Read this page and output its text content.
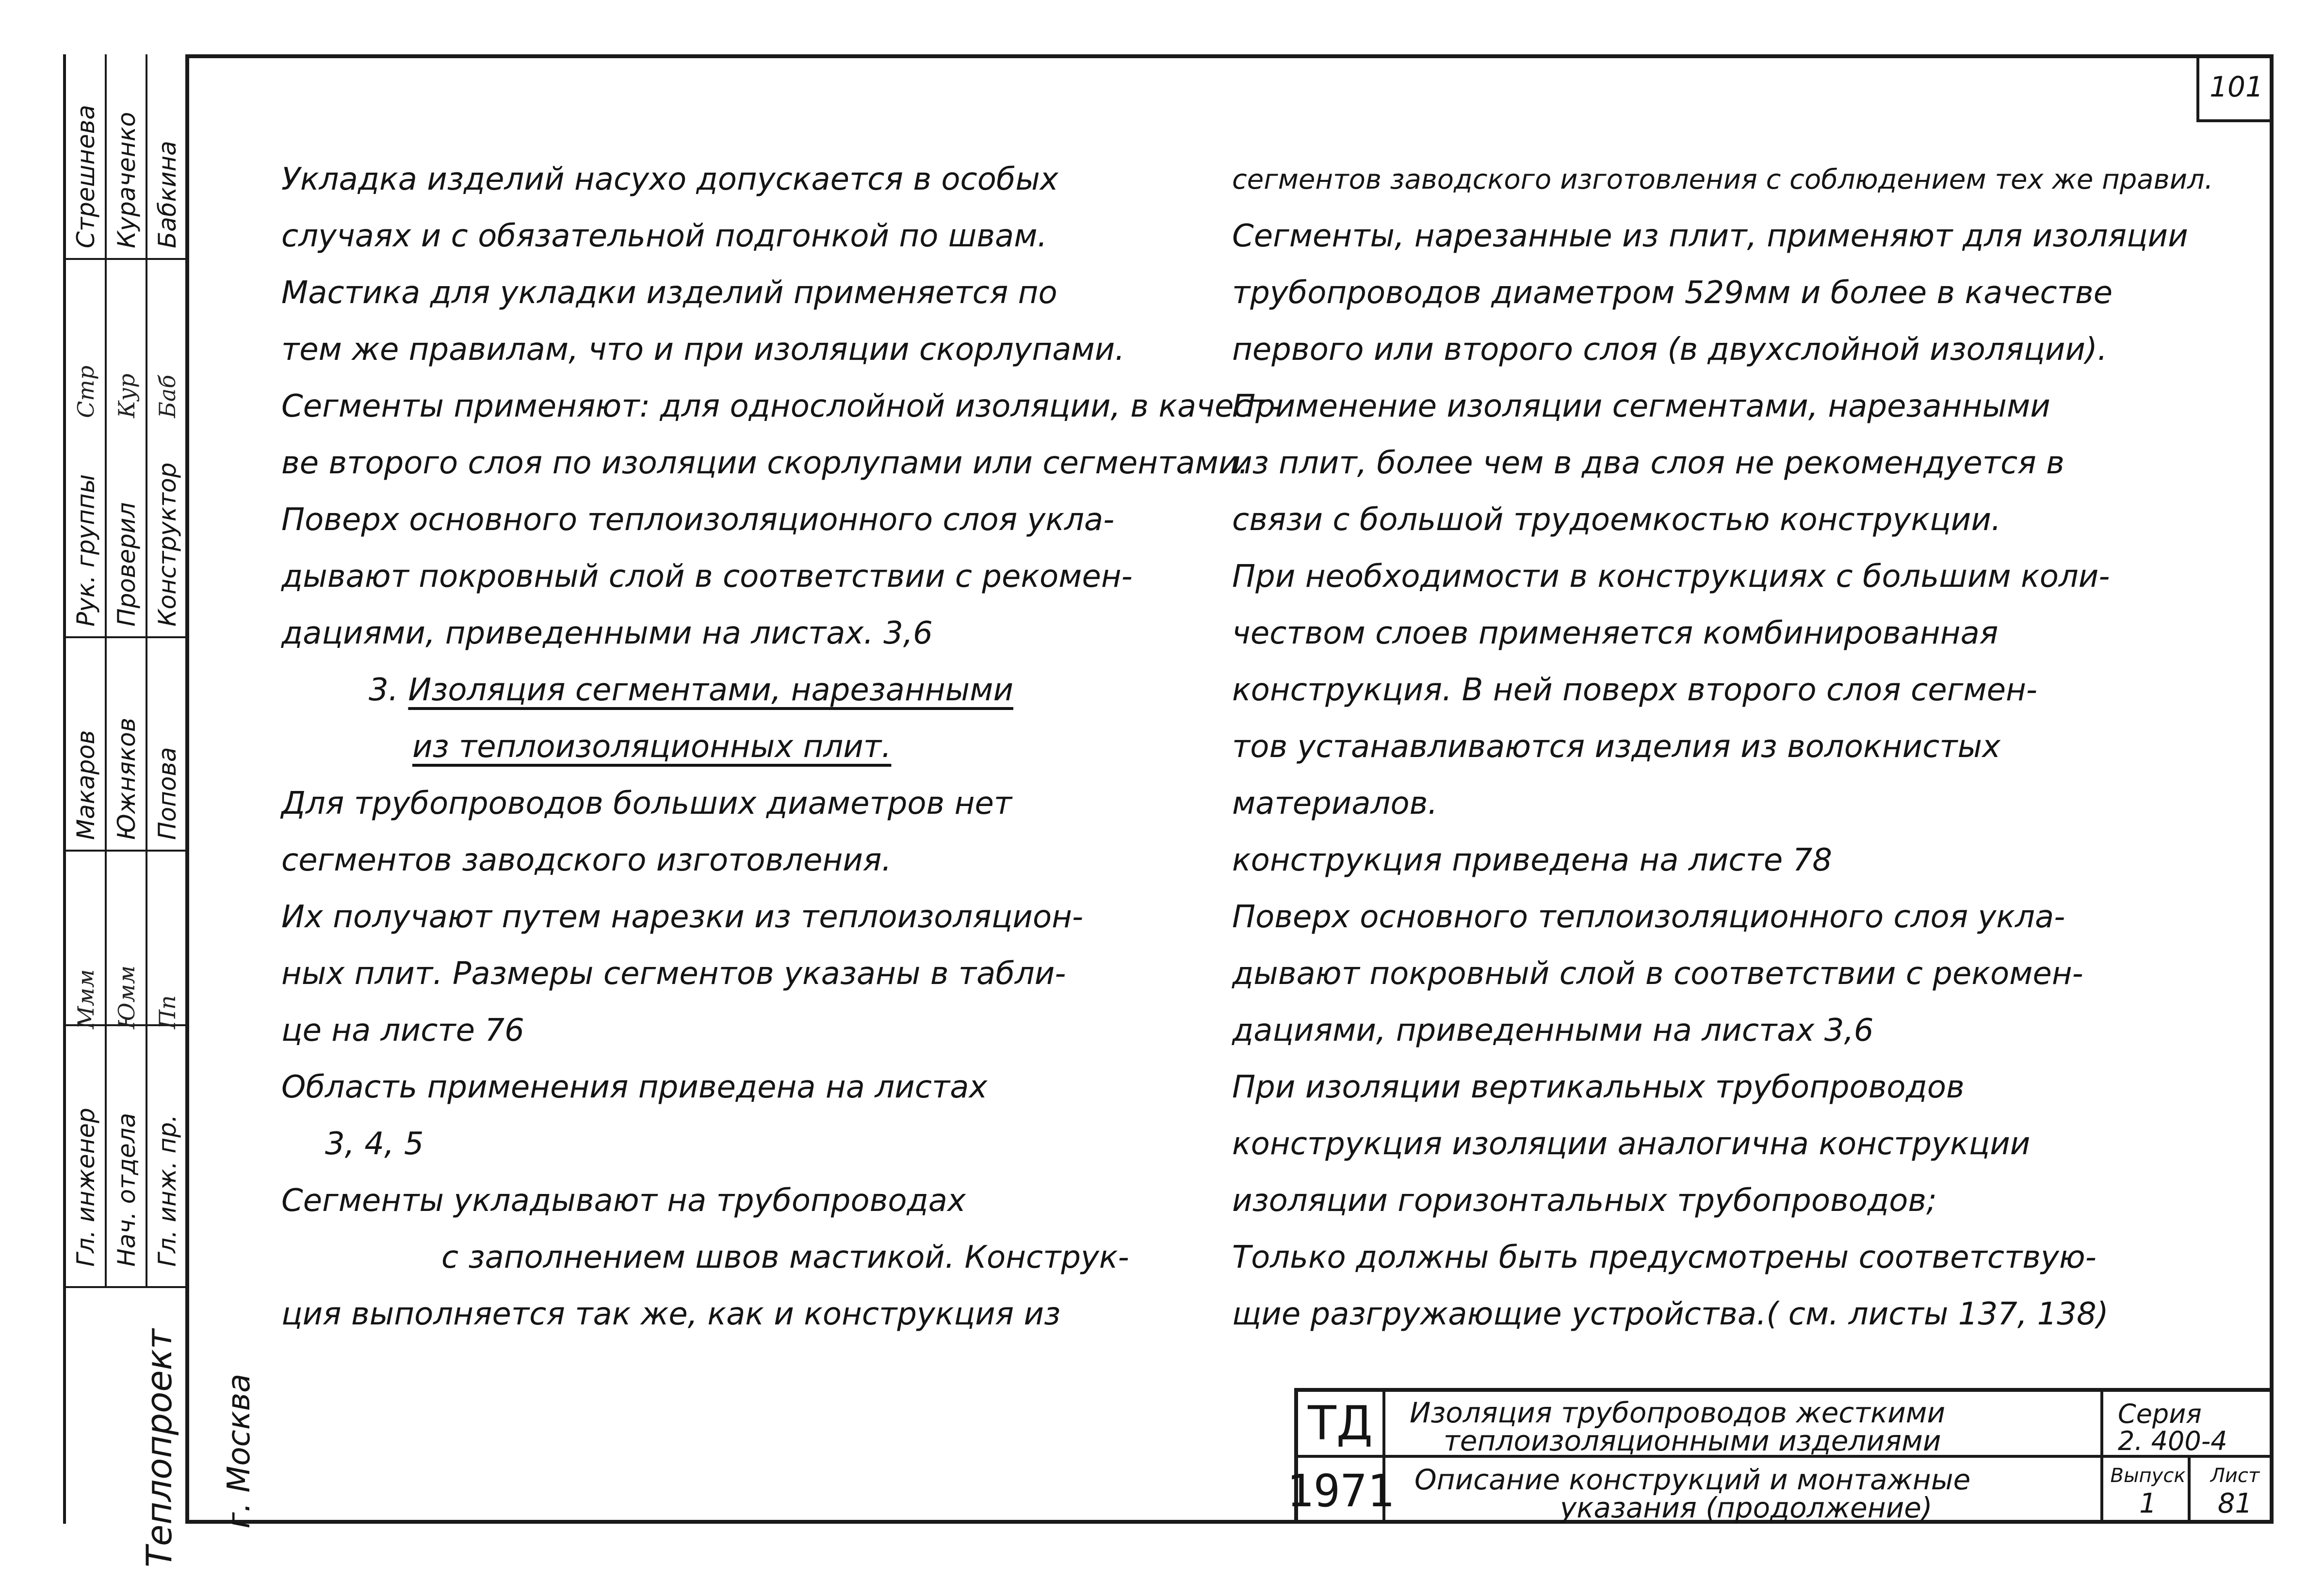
101
Укладка изделий насухо допускается в особых
случаях и с обязательной подгонкой по швам.
Мастика для укладки изделий применяется по
тем же правилам, что и при изоляции скорлупами.
Сегменты применяют: для однослойной изоляции, в качест-
ве второго слоя по изоляции скорлупами или сегментами.
Поверх основного теплоизоляционного слоя укла-
дывают покровный слой в соответствии с рекомен-
дациями, приведенными на листах. 3,6
3. Изоляция сегментами, нарезанными
из теплоизоляционных плит.
Для трубопроводов больших диаметров нет
сегментов заводского изготовления.
Их получают путем нарезки из теплоизоляцион-
ных плит. Размеры сегментов указаны в табли-
це на листе 76
Область применения приведена на листах
3, 4, 5
Сегменты укладывают на трубопроводах
с заполнением швов мастикой. Конструк-
ция выполняется так же, как и конструкция из
сегментов заводского изготовления с соблюдением тех же правил.
Сегменты, нарезанные из плит, применяют для изоляции
трубопроводов диаметром 529мм и более в качестве
первого или второго слоя (в двухслойной изоляции).
Применение изоляции сегментами, нарезанными
из плит, более чем в два слоя не рекомендуется в
связи с большой трудоемкостью конструкции.
При необходимости в конструкциях с большим коли-
чеством слоев применяется комбинированная
конструкция. В ней поверх второго слоя сегмен-
тов устанавливаются изделия из волокнистых
материалов.
конструкция приведена на листе 78
Поверх основного теплоизоляционного слоя укла-
дывают покровный слой в соответствии с рекомен-
дациями, приведенными на листах 3,6
При изоляции вертикальных трубопроводов
конструкция изоляции аналогична конструкции
изоляции горизонтальных трубопроводов;
Только должны быть предусмотрены соответствую-
щие разгружающие устройства.( см. листы 137, 138)
Гл. инженер
Ммм
Макаров
Рук. группы
Стр
Стрешнева
Нач. отдела
Юмм
Южняков
Проверил
Кур
Кураченко
Гл. инж. пр.
Пп
Попова
Конструктор
Баб
Бабкина
Теплопроект г. Москва	ТД
1971
Изоляция трубопроводов жесткими
теплоизоляционными изделиями
Описание конструкций и монтажные
указания (продолжение)
Серия
2. 400-4
Выпуск
1
Лист
81
